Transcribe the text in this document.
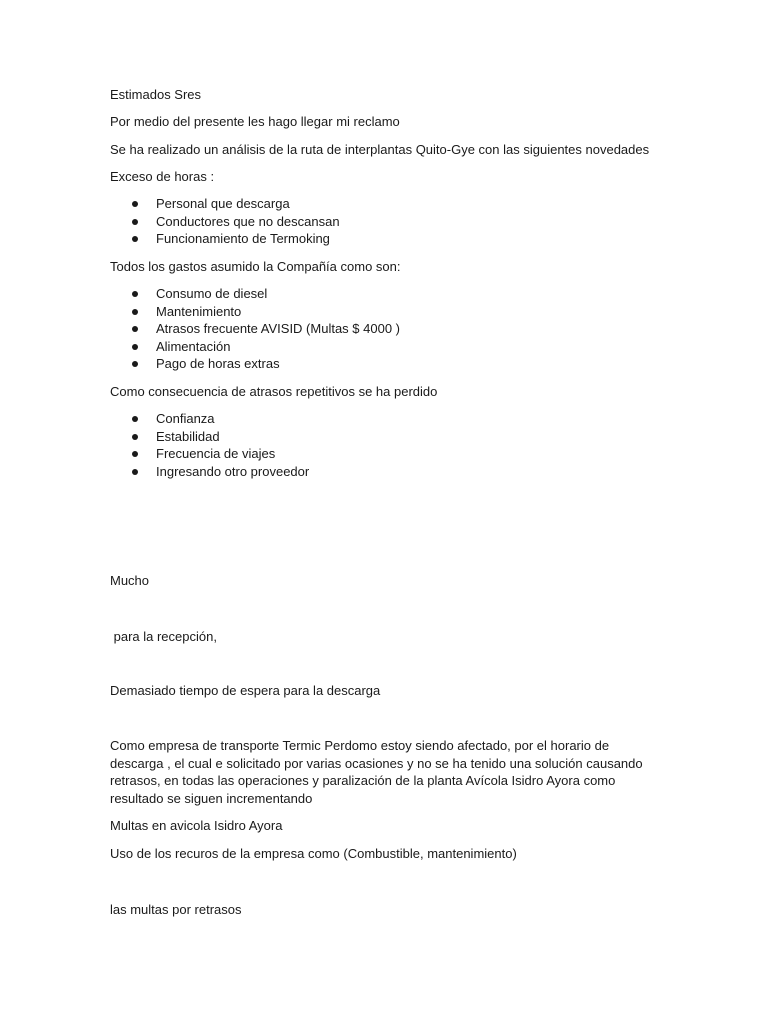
Estimados Sres
Por medio del presente les hago llegar mi reclamo
Se ha realizado un análisis de la ruta de interplantas Quito-Gye con las siguientes novedades
Exceso de horas :
Personal que descarga
Conductores que no descansan
Funcionamiento de Termoking
Todos los gastos asumido la Compañía como son:
Consumo de diesel
Mantenimiento
Atrasos frecuente AVISID (Multas $ 4000 )
Alimentación
Pago de horas extras
Como consecuencia de atrasos repetitivos se ha perdido
Confianza
Estabilidad
Frecuencia de viajes
Ingresando otro proveedor
Mucho
para la recepción,
Demasiado tiempo de espera para la descarga
Como empresa de transporte Termic Perdomo estoy siendo afectado, por el horario de descarga , el cual e solicitado por varias ocasiones y no se ha tenido una solución causando retrasos, en todas las operaciones y paralización de la planta Avícola Isidro Ayora como resultado se siguen incrementando
Multas en avicola Isidro Ayora
Uso de los recuros de la empresa como (Combustible, mantenimiento)
las multas por retrasos
